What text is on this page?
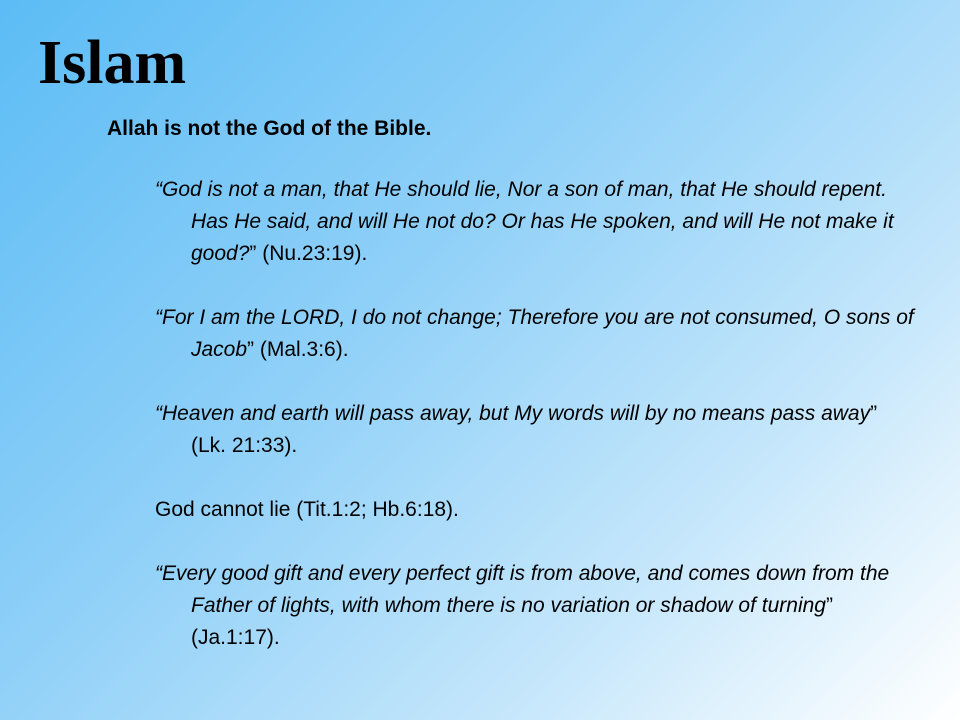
Islam

Allah is not the God of the Bible.

“God is not a man, that He should lie, Nor a son of man, that He should repent. Has He said, and will He not do? Or has He spoken, and will He not make it good?” (Nu.23:19).

“For I am the LORD, I do not change; Therefore you are not consumed, O sons of Jacob” (Mal.3:6).

“Heaven and earth will pass away, but My words will by no means pass away” (Lk. 21:33).

God cannot lie (Tit.1:2; Hb.6:18).

“Every good gift and every perfect gift is from above, and comes down from the Father of lights, with whom there is no variation or shadow of turning” (Ja.1:17).
